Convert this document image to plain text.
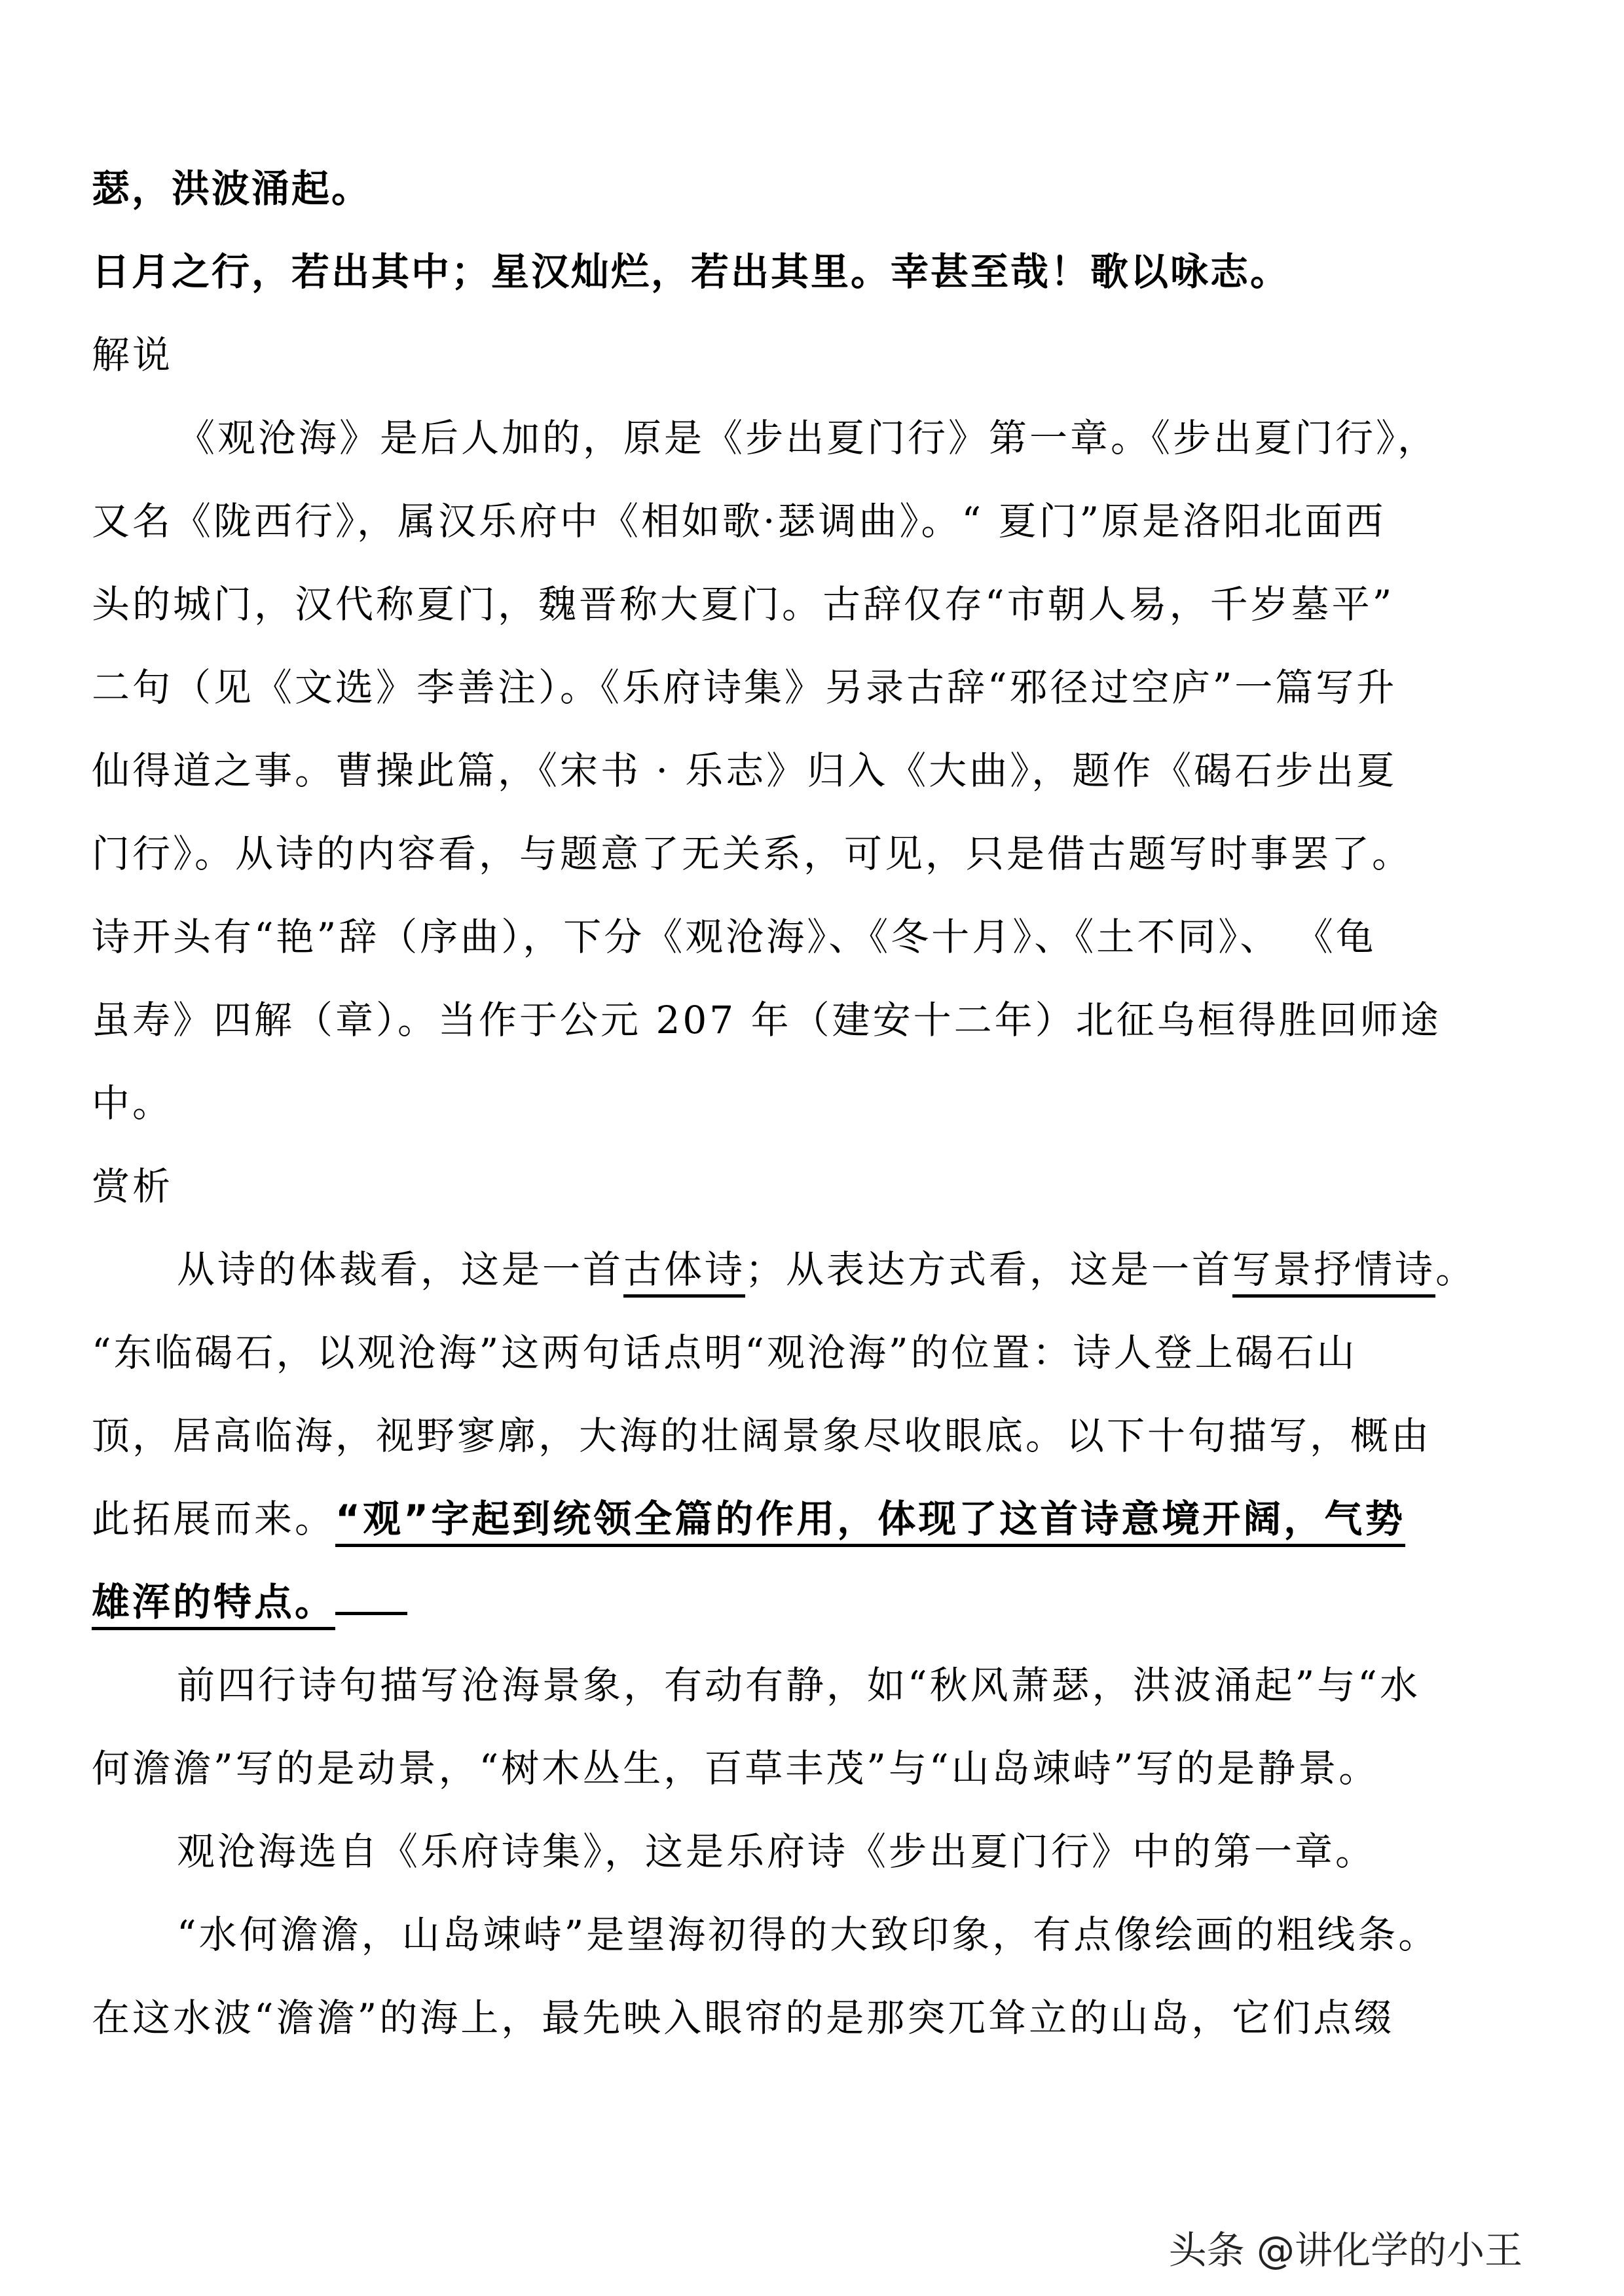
瑟，洪波涌起。
日月之行，若出其中；星汉灿烂，若出其里。幸甚至哉！歌以咏志。
解说
《观沧海》是后人加的，原是《步出夏门行》第一章。《步出夏门行》，
又名《陇西行》，属汉乐府中《相如歌·瑟调曲》。“ 夏门”原是洛阳北面西
头的城门，汉代称夏门，魏晋称大夏门。古辞仅存“市朝人易，千岁墓平”
二句（见《文选》李善注）。《乐府诗集》另录古辞“邪径过空庐”一篇写升
仙得道之事。曹操此篇，《宋书 · 乐志》归入《大曲》，题作《碣石步出夏
门行》。从诗的内容看，与题意了无关系，可见，只是借古题写时事罢了。
诗开头有“艳”辞（序曲），下分《观沧海》、《冬十月》、《土不同》、 《龟
虽寿》四解（章）。当作于公元 207 年（建安十二年）北征乌桓得胜回师途
中。
赏析
从诗的体裁看，这是一首古体诗；从表达方式看，这是一首写景抒情诗。
“东临碣石，以观沧海”这两句话点明“观沧海”的位置：诗人登上碣石山
顶，居高临海，视野寥廓，大海的壮阔景象尽收眼底。以下十句描写，概由
此拓展而来。“观”字起到统领全篇的作用，体现了这首诗意境开阔，气势
雄浑的特点。
前四行诗句描写沧海景象，有动有静，如“秋风萧瑟，洪波涌起”与“水
何澹澹”写的是动景，“树木丛生，百草丰茂”与“山岛竦峙”写的是静景。
观沧海选自《乐府诗集》，这是乐府诗《步出夏门行》中的第一章。
“水何澹澹，山岛竦峙”是望海初得的大致印象，有点像绘画的粗线条。
在这水波“澹澹”的海上，最先映入眼帘的是那突兀耸立的山岛，它们点缀
头条 @讲化学的小王
